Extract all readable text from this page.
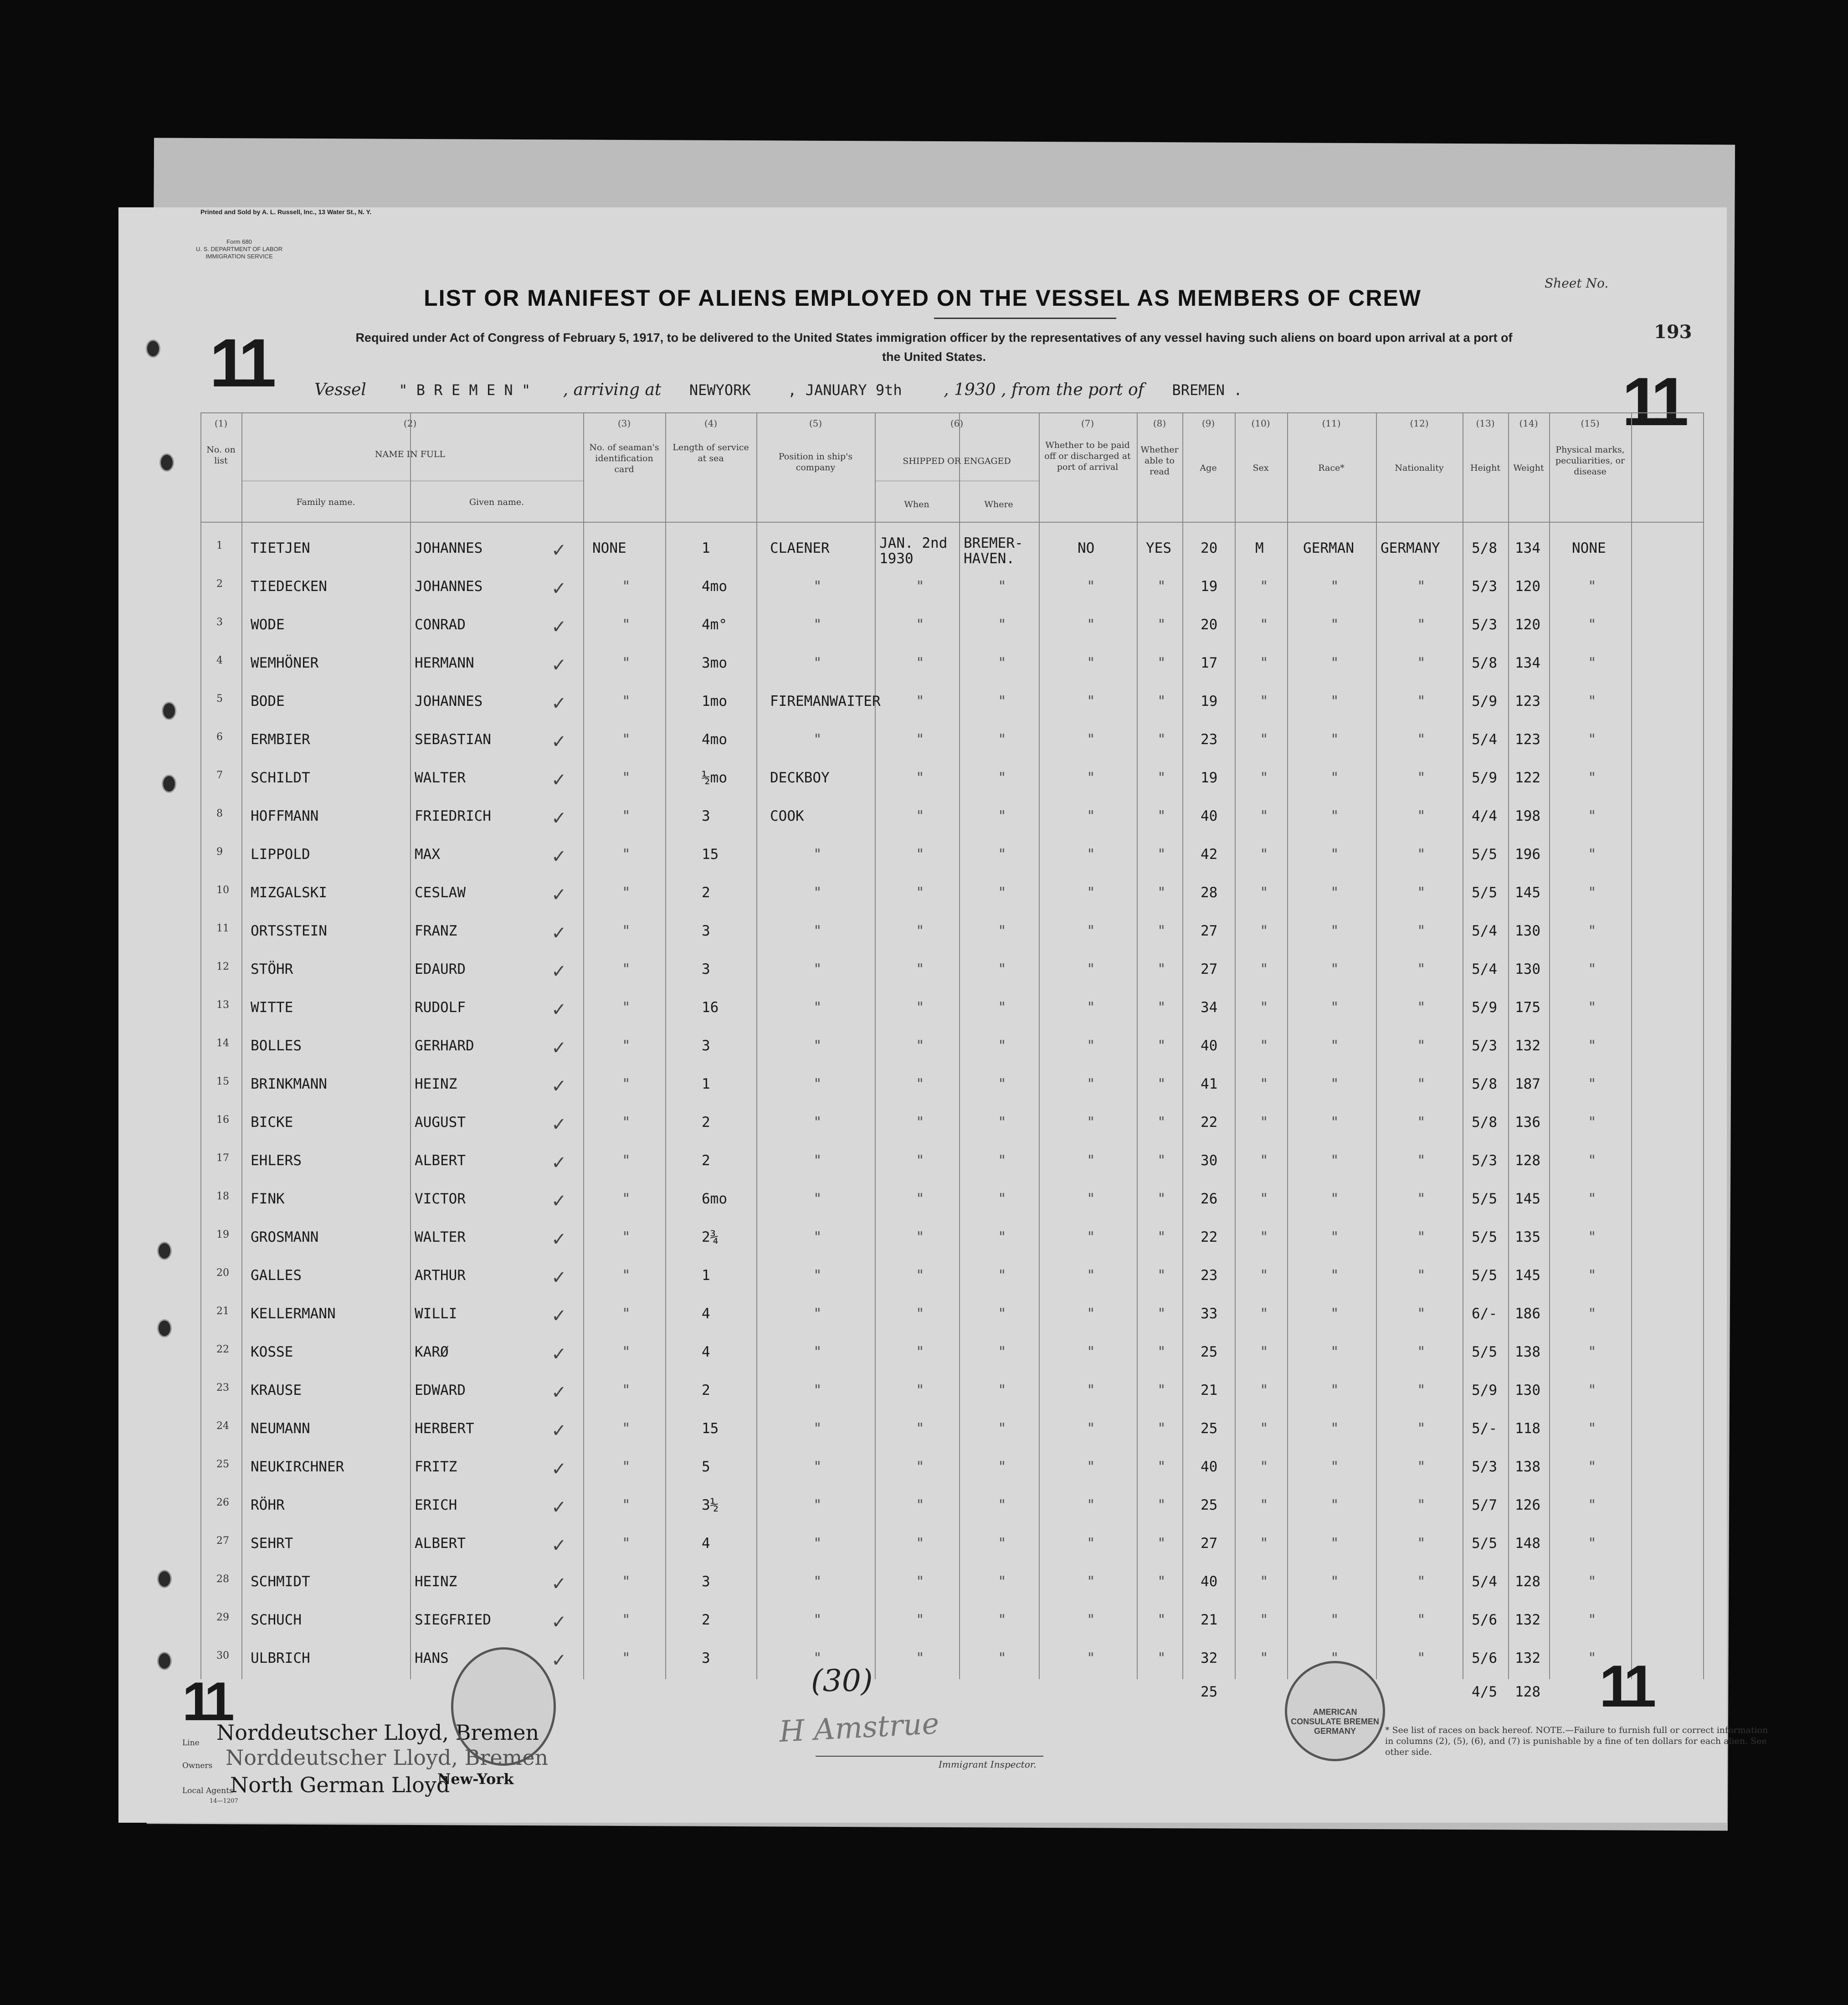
Printed and Sold by A. L. Russell, Inc., 13 Water St., N. Y.
Form 680
U. S. DEPARTMENT OF LABOR
IMMIGRATION SERVICE
LIST OR MANIFEST OF ALIENS EMPLOYED ON THE VESSEL AS MEMBERS OF CREW
Required under Act of Congress of February 5, 1917, to be delivered to the United States immigration officer by the representatives of any vessel having such aliens on board upon arrival at a port of the United States.
Sheet No.
193
11
11
Vessel " B R E M E N " , arriving at NEWYORK	, JANUARY 9th	, 1930 , from the port of BREMEN .
(1)	(2)	(3)	(4)	(5)	(6)	(7)	(8)	(9)	(10)	(11)	(12)	(13)	(14)	(15)
No. on list
NAME IN FULL
Family name.	Given name.
No. of seaman's identification card
Length of service at sea	Position in ship's company
SHIPPED OR ENGAGED
When	Where
Whether to be paid off or discharged at port of arrival
Whether able to read	Age	Sex	Race*	Nationality	Height Weight
Physical marks, peculiarities, or disease
1 TIETJEN	JOHANNES	✓ NONE	1	CLAENER	JAN. 2nd 1930
BREMER- HAVEN.
NO	YES 20	M	GERMAN GERMANY 5/8 134 NONE
2 TIEDECKEN	JOHANNES	✓	"	4mo	"	"	"	"	" 19	"	"	"	5/3 120	"
3 WODE	CONRAD	✓	"	4m°	"	"	"	"	" 20	"	"	"	5/3 120	"
4 WEMHÖNER	HERMANN	✓	"	3mo	"	"	"	"	" 17	"	"	"	5/8 134	"
5 BODE	JOHANNES	✓	"	1mo	FIREMANWAITER "	"	"	" 19	"	"	"	5/9 123	"
6 ERMBIER	SEBASTIAN	✓	"	4mo	"	"	"	"	" 23	"	"	"	5/4 123	"
7 SCHILDT	WALTER	✓	"	½mo	DECKBOY	"	"	"	" 19	"	"	"	5/9 122	"
8 HOFFMANN	FRIEDRICH	✓	"	3	COOK	"	"	"	" 40	"	"	"	4/4 198	"
9 LIPPOLD	MAX	✓	"	15	"	"	"	"	" 42	"	"	"	5/5 196	"
10 MIZGALSKI	CESLAW	✓	"	2	"	"	"	"	" 28	"	"	"	5/5 145	"
11 ORTSSTEIN	FRANZ	✓	"	3	"	"	"	"	" 27	"	"	"	5/4 130	"
12 STÖHR	EDAURD	✓	"	3	"	"	"	"	" 27	"	"	"	5/4 130	"
13 WITTE	RUDOLF	✓	"	16	"	"	"	"	" 34	"	"	"	5/9 175	"
14 BOLLES	GERHARD	✓	"	3	"	"	"	"	" 40	"	"	"	5/3 132	"
15 BRINKMANN	HEINZ	✓	"	1	"	"	"	"	" 41	"	"	"	5/8 187	"
16 BICKE	AUGUST	✓	"	2	"	"	"	"	" 22	"	"	"	5/8 136	"
17 EHLERS	ALBERT	✓	"	2	"	"	"	"	" 30	"	"	"	5/3 128	"
18 FINK	VICTOR	✓	"	6mo	"	"	"	"	" 26	"	"	"	5/5 145	"
19 GROSMANN	WALTER	✓	"	2¾	"	"	"	"	" 22	"	"	"	5/5 135	"
20 GALLES	ARTHUR	✓	"	1	"	"	"	"	" 23	"	"	"	5/5 145	"
21 KELLERMANN	WILLI	✓	"	4	"	"	"	"	" 33	"	"	"	6/- 186	"
22 KOSSE	KARØ	✓	"	4	"	"	"	"	" 25	"	"	"	5/5 138	"
23 KRAUSE	EDWARD	✓	"	2	"	"	"	"	" 21	"	"	"	5/9 130	"
24 NEUMANN	HERBERT	✓	"	15	"	"	"	"	" 25	"	"	"	5/- 118	"
25 NEUKIRCHNER	FRITZ	✓	"	5	"	"	"	"	" 40	"	"	"	5/3 138	"
26 RÖHR	ERICH	✓	"	3½	"	"	"	"	" 25	"	"	"	5/7 126	"
27 SEHRT	ALBERT	✓	"	4	"	"	"	"	" 27	"	"	"	5/5 148	"
28 SCHMIDT	HEINZ	✓	"	3	"	"	"	"	" 40	"	"	"	5/4 128	"
29 SCHUCH	SIEGFRIED	✓	"	2	"	"	"	"	" 21	"	"	"	5/6 132	"
30 ULBRICH	HANS	✓	"	3	"	"	"	"	" 32	"	"	"	5/6 132	"
25	4/5 128
Line
Owners
Local Agents
14—1207
Norddeutscher Lloyd, Bremen
Norddeutscher Lloyd, Bremen
North German Lloyd
New-York
(30)
H Amstrue
Immigrant Inspector.
AMERICAN CONSULATE BREMEN GERMANY	* See list of races on back hereof. NOTE.—Failure to furnish full or correct information in columns (2), (5), (6), and (7) is punishable by a fine of ten dollars for each alien. See other side.
11	11
